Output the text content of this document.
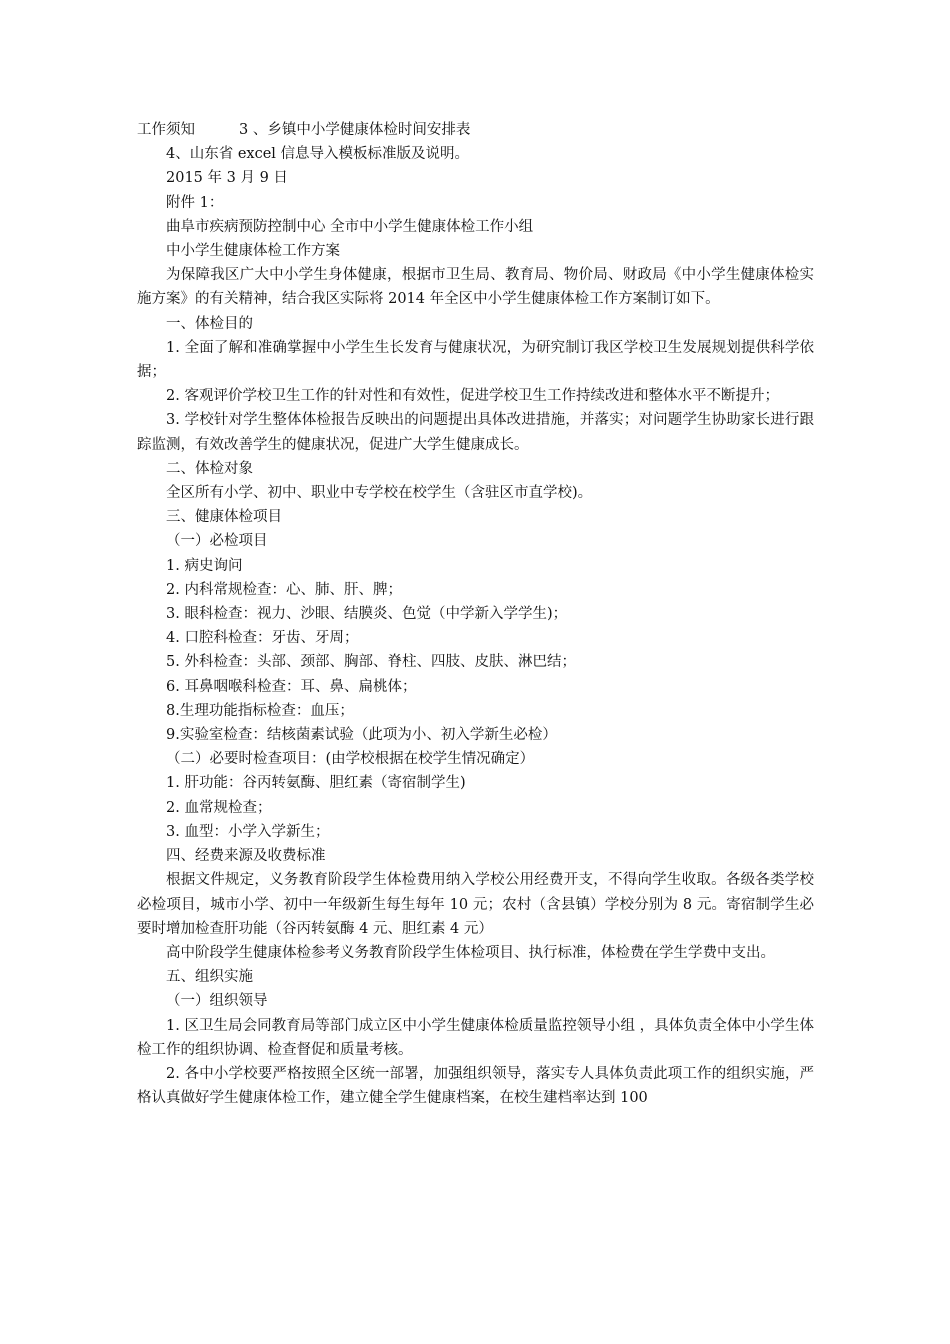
工作须知	3 、乡镇中小学健康体检时间安排表

4、山东省 excel 信息导入模板标准版及说明。

2015 年 3 月 9 日

附件 1：

曲阜市疾病预防控制中心 全市中小学生健康体检工作小组

中小学生健康体检工作方案

为保障我区广大中小学生身体健康，根据市卫生局、教育局、物价局、财政局《中小学生健康体检实施方案》的有关精神，结合我区实际将 2014 年全区中小学生健康体检工作方案制订如下。

一、体检目的

1. 全面了解和准确掌握中小学生生长发育与健康状况，为研究制订我区学校卫生发展规划提供科学依据；

2. 客观评价学校卫生工作的针对性和有效性，促进学校卫生工作持续改进和整体水平不断提升；

3. 学校针对学生整体体检报告反映出的问题提出具体改进措施，并落实；对问题学生协助家长进行跟踪监测，有效改善学生的健康状况，促进广大学生健康成长。

二、体检对象

全区所有小学、初中、职业中专学校在校学生（含驻区市直学校)。

三、健康体检项目

（一）必检项目

1. 病史询问

2. 内科常规检查：心、肺、肝、脾；

3. 眼科检查：视力、沙眼、结膜炎、色觉（中学新入学学生)；

4. 口腔科检查：牙齿、牙周；

5. 外科检查：头部、颈部、胸部、脊柱、四肢、皮肤、淋巴结；

6. 耳鼻咽喉科检查：耳、鼻、扁桃体；

8.生理功能指标检查：血压；

9.实验室检查：结核菌素试验（此项为小、初入学新生必检）

（二）必要时检查项目：(由学校根据在校学生情况确定）

1. 肝功能：谷丙转氨酶、胆红素（寄宿制学生)

2. 血常规检查；

3. 血型：小学入学新生；

四、经费来源及收费标准

根据文件规定，义务教育阶段学生体检费用纳入学校公用经费开支，不得向学生收取。各级各类学校必检项目，城市小学、初中一年级新生每生每年 10 元；农村（含县镇）学校分别为 8 元。寄宿制学生必要时增加检查肝功能（谷丙转氨酶 4 元、胆红素 4 元）

高中阶段学生健康体检参考义务教育阶段学生体检项目、执行标准，体检费在学生学费中支出。

五、组织实施

（一）组织领导

1. 区卫生局会同教育局等部门成立区中小学生健康体检质量监控领导小组 ，具体负责全体中小学生体检工作的组织协调、检查督促和质量考核。

2. 各中小学校要严格按照全区统一部署，加强组织领导，落实专人具体负责此项工作的组织实施，严格认真做好学生健康体检工作，建立健全学生健康档案，在校生建档率达到 100
